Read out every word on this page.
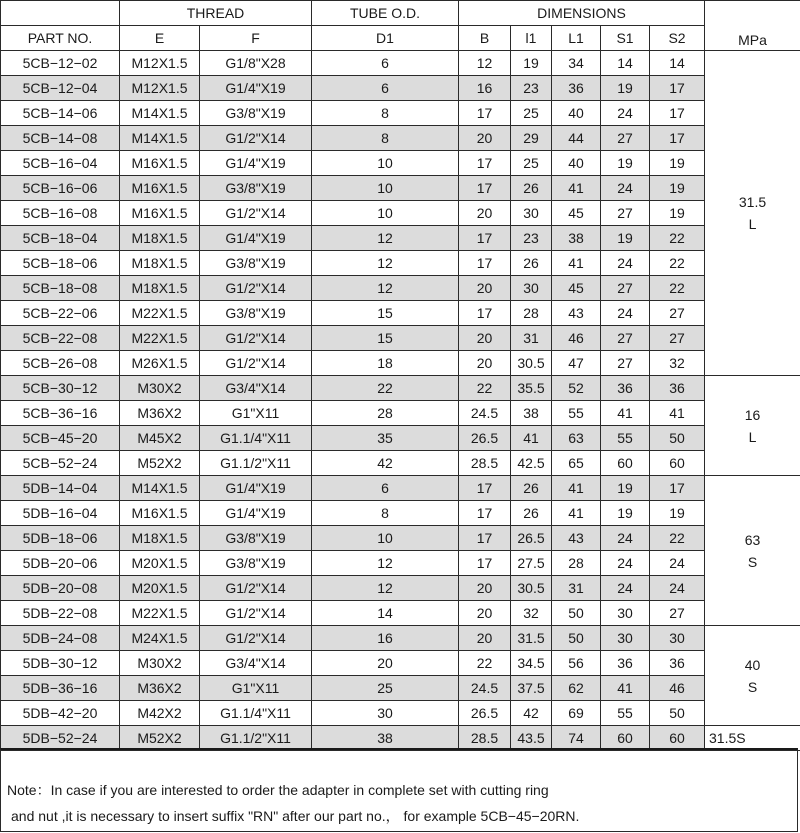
	THREAD		TUBE O.D.	DIMENSIONS					MPa
PART NO.	E	F	D1	B	l1	L1	S1	S2	
5CB−12−02	M12X1.5	G1/8"X28	6	12	19	34	14	14	31.5
L

5CB−12−04	M12X1.5	G1/4"X19	6	16	23	36	19	17	
5CB−14−06	M14X1.5	G3/8"X19	8	17	25	40	24	17	
5CB−14−08	M14X1.5	G1/2"X14	8	20	29	44	27	17	
5CB−16−04	M16X1.5	G1/4"X19	10	17	25	40	19	19	
5CB−16−06	M16X1.5	G3/8"X19	10	17	26	41	24	19	
5CB−16−08	M16X1.5	G1/2"X14	10	20	30	45	27	19	
5CB−18−04	M18X1.5	G1/4"X19	12	17	23	38	19	22	
5CB−18−06	M18X1.5	G3/8"X19	12	17	26	41	24	22	
5CB−18−08	M18X1.5	G1/2"X14	12	20	30	45	27	22	
5CB−22−06	M22X1.5	G3/8"X19	15	17	28	43	24	27	
5CB−22−08	M22X1.5	G1/2"X14	15	20	31	46	27	27	
5CB−26−08	M26X1.5	G1/2"X14	18	20	30.5	47	27	32	
5CB−30−12	M30X2	G3/4"X14	22	22	35.5	52	36	36	16
L

5CB−36−16	M36X2	G1"X11	28	24.5	38	55	41	41	
5CB−45−20	M45X2	G1.1/4"X11	35	26.5	41	63	55	50	
5CB−52−24	M52X2	G1.1/2"X11	42	28.5	42.5	65	60	60	
5DB−14−04	M14X1.5	G1/4"X19	6	17	26	41	19	17	63
S

5DB−16−04	M16X1.5	G1/4"X19	8	17	26	41	19	19	
5DB−18−06	M18X1.5	G3/8"X19	10	17	26.5	43	24	22	
5DB−20−06	M20X1.5	G3/8"X19	12	17	27.5	28	24	24	
5DB−20−08	M20X1.5	G1/2"X14	12	20	30.5	31	24	24	
5DB−22−08	M22X1.5	G1/2"X14	14	20	32	50	30	27	
5DB−24−08	M24X1.5	G1/2"X14	16	20	31.5	50	30	30	40
S

5DB−30−12	M30X2	G3/4"X14	20	22	34.5	56	36	36	
5DB−36−16	M36X2	G1"X11	25	24.5	37.5	62	41	46	
5DB−42−20	M42X2	G1.1/4"X11	30	26.5	42	69	55	50	
5DB−52−24	M52X2	G1.1/2"X11	38	28.5	43.5	74	60	60	31.5S
Note：In case if you are interested to order the adapter in complete set with cutting ring
and nut ,it is necessary to insert suffix "RN" after our part no.， for example 5CB−45−20RN.
